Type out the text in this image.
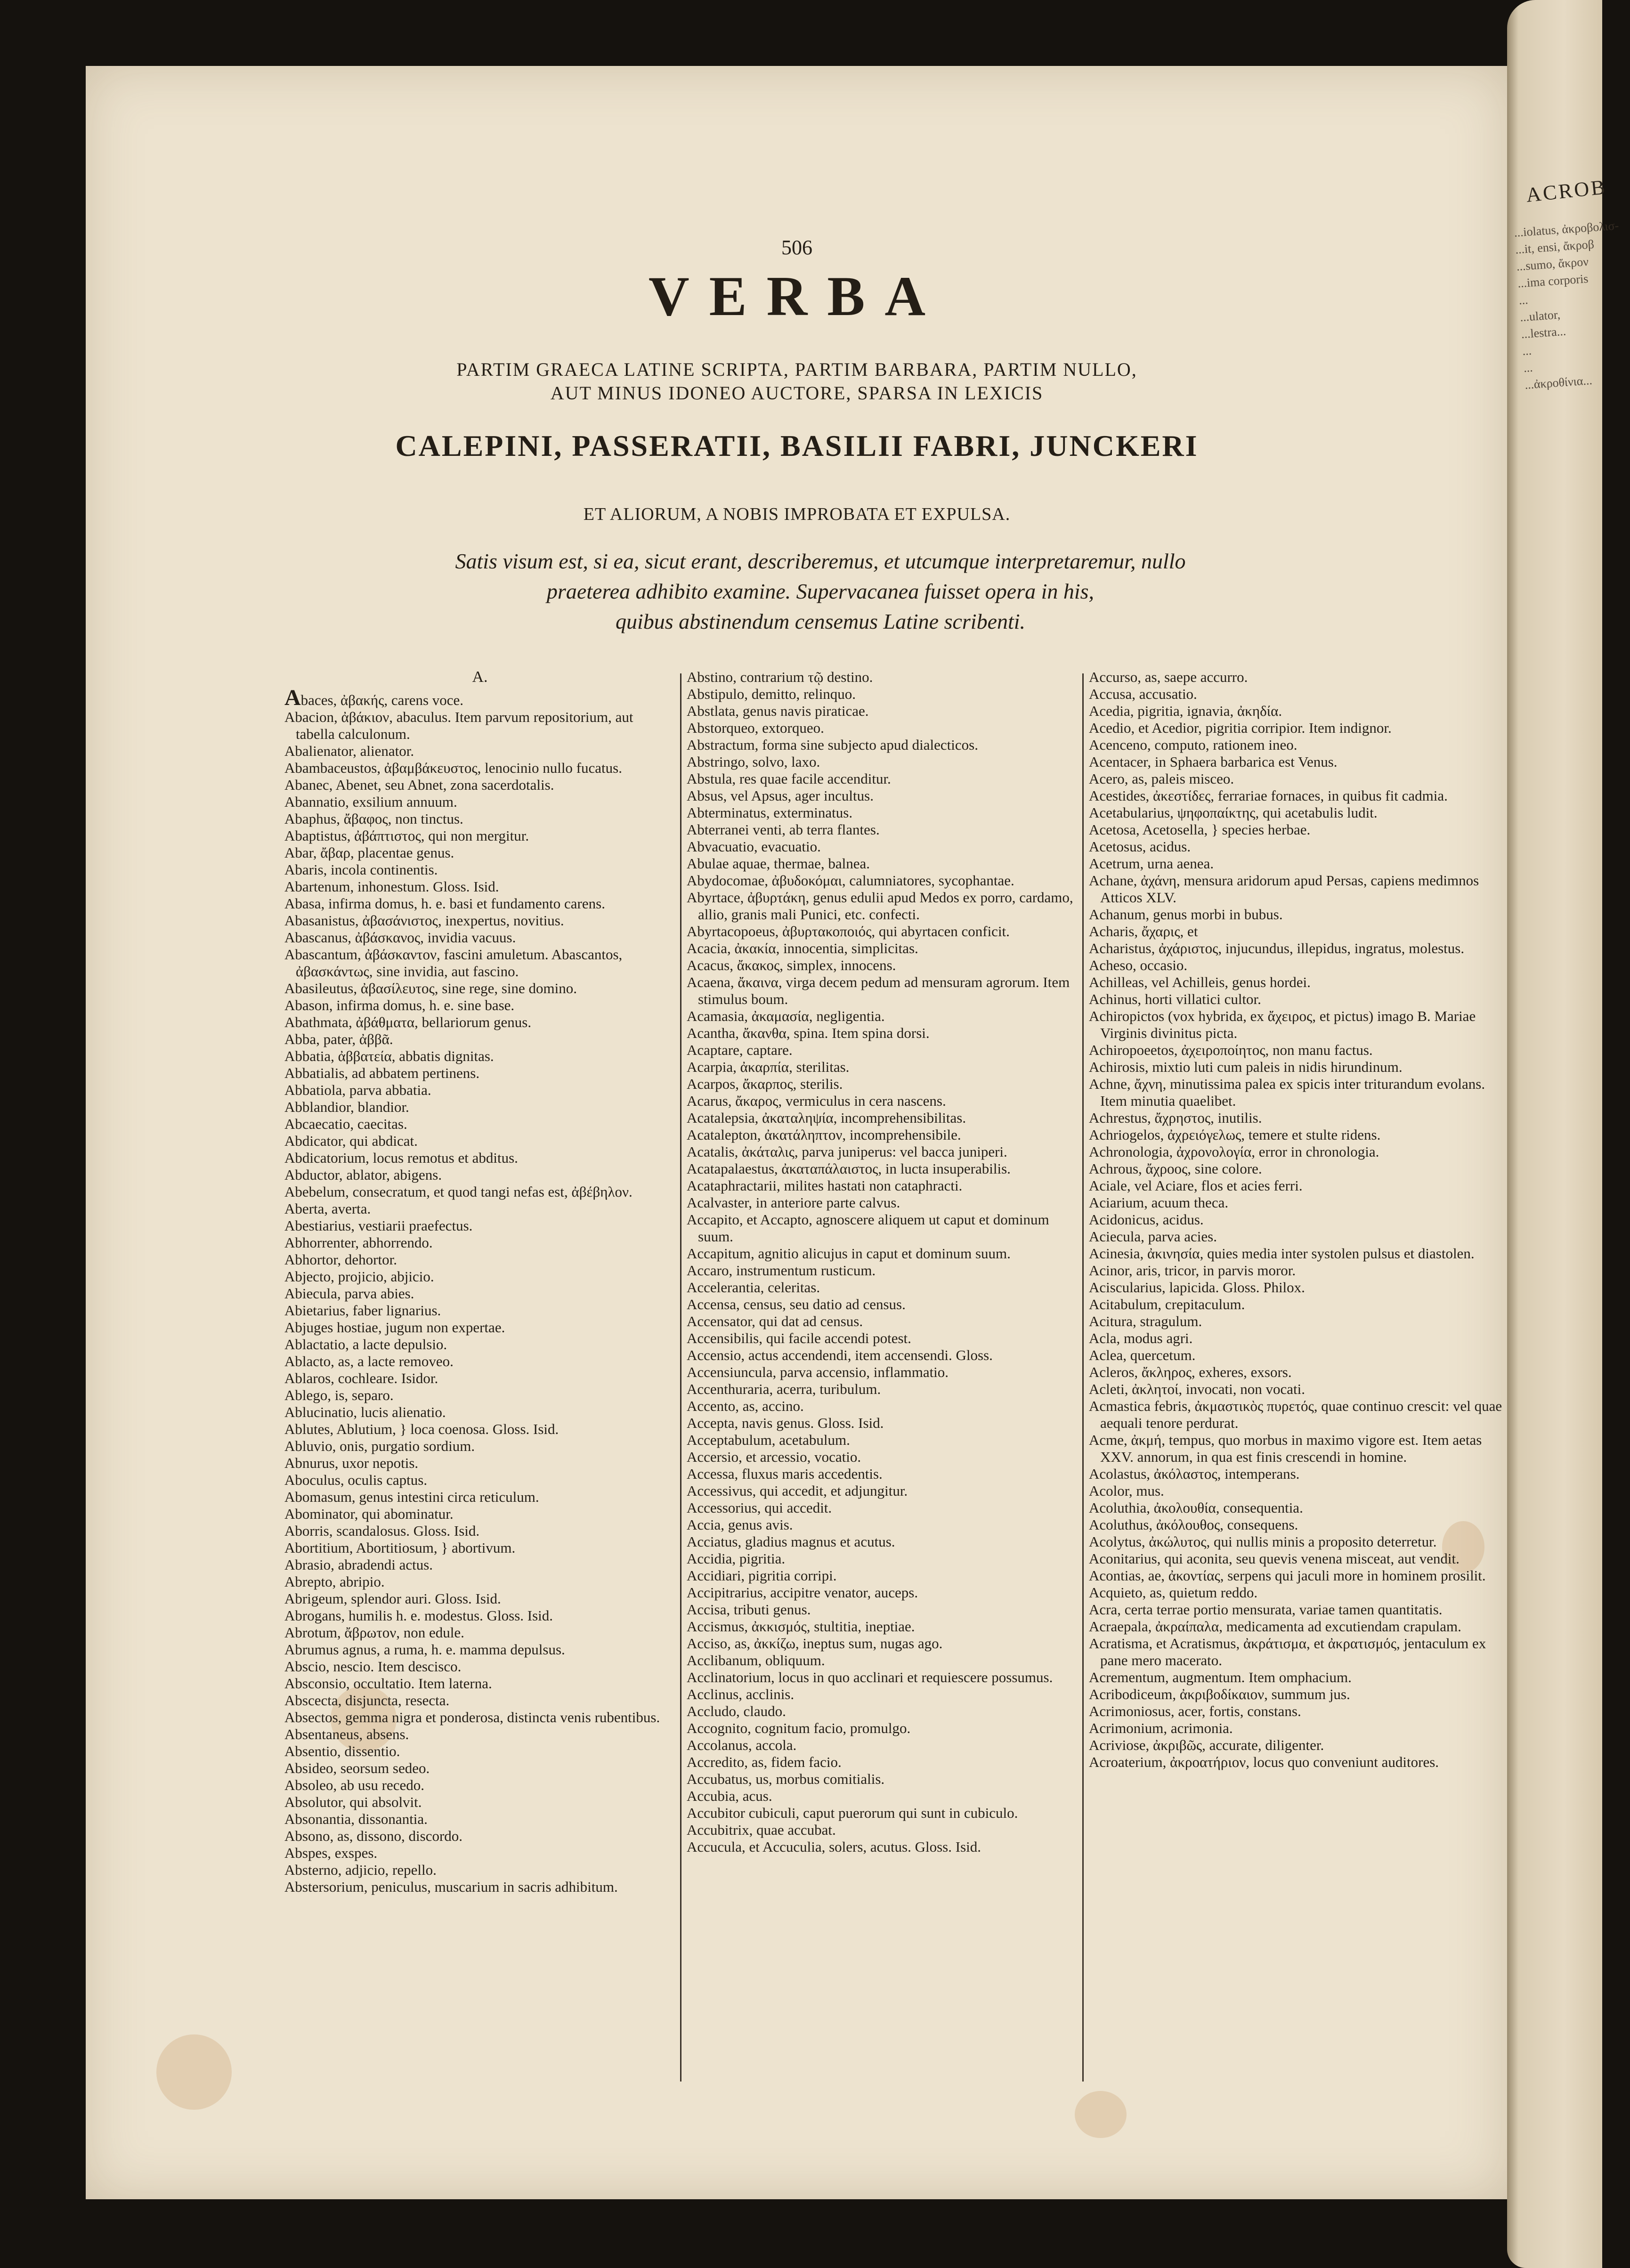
506
VERBA
PARTIM GRAECA LATINE SCRIPTA, PARTIM BARBARA, PARTIM NULLO,
AUT MINUS IDONEO AUCTORE, SPARSA IN LEXICIS
CALEPINI, PASSERATII, BASILII FABRI, JUNCKERI
ET ALIORUM, A NOBIS IMPROBATA ET EXPULSA.
Satis visum est, si ea, sicut erant, describeremus, et utcumque interpretaremur, nullo
praeterea adhibito examine. Supervacanea fuisset opera in his,
quibus abstinendum censemus Latine scribenti.
A.

Abaces, ἀβακής, carens voce.

Abacion, ἀβάκιον, abaculus. Item parvum repositorium, aut tabella calculonum.

Abalienator, alienator.

Abambaceustos, ἀβαμβάκευστος, lenocinio nullo fucatus.

Abanec, Abenet, seu Abnet, zona sacerdotalis.

Abannatio, exsilium annuum.

Abaphus, ἄβαφος, non tinctus.

Abaptistus, ἀβάπτιστος, qui non mergitur.

Abar, ἄβαρ, placentae genus.

Abaris, incola continentis.

Abartenum, inhonestum. Gloss. Isid.

Abasa, infirma domus, h. e. basi et fundamento carens.

Abasanistus, ἀβασάνιστος, inexpertus, novitius.

Abascanus, ἀβάσκανος, invidia vacuus.

Abascantum, ἀβάσκαντον, fascini amuletum. Abascantos, ἀβασκάντως, sine invidia, aut fascino.

Abasileutus, ἀβασίλευτος, sine rege, sine domino.

Abason, infirma domus, h. e. sine base.

Abathmata, ἀβάθματα, bellariorum genus.

Abba, pater, ἀββᾶ.

Abbatia, ἀββατεία, abbatis dignitas.

Abbatialis, ad abbatem pertinens.

Abbatiola, parva abbatia.

Abblandior, blandior.

Abcaecatio, caecitas.

Abdicator, qui abdicat.

Abdicatorium, locus remotus et abditus.

Abductor, ablator, abigens.

Abebelum, consecratum, et quod tangi nefas est, ἀβέβηλον.

Aberta, averta.

Abestiarius, vestiarii praefectus.

Abhorrenter, abhorrendo.

Abhortor, dehortor.

Abjecto, projicio, abjicio.

Abiecula, parva abies.

Abietarius, faber lignarius.

Abjuges hostiae, jugum non expertae.

Ablactatio, a lacte depulsio.

Ablacto, as, a lacte removeo.

Ablaros, cochleare. Isidor.

Ablego, is, separo.

Ablucinatio, lucis alienatio.

Ablutes, Ablutium, } loca coenosa. Gloss. Isid.

Abluvio, onis, purgatio sordium.

Abnurus, uxor nepotis.

Aboculus, oculis captus.

Abomasum, genus intestini circa reticulum.

Abominator, qui abominatur.

Aborris, scandalosus. Gloss. Isid.

Abortitium, Abortitiosum, } abortivum.

Abrasio, abradendi actus.

Abrepto, abripio.

Abrigeum, splendor auri. Gloss. Isid.

Abrogans, humilis h. e. modestus. Gloss. Isid.

Abrotum, ἄβρωτον, non edule.

Abrumus agnus, a ruma, h. e. mamma depulsus.

Abscio, nescio. Item descisco.

Absconsio, occultatio. Item laterna.

Abscecta, disjuncta, resecta.

Absectos, gemma nigra et ponderosa, distincta venis rubentibus.

Absentaneus, absens.

Absentio, dissentio.

Absideo, seorsum sedeo.

Absoleo, ab usu recedo.

Absolutor, qui absolvit.

Absonantia, dissonantia.

Absono, as, dissono, discordo.

Abspes, exspes.

Absterno, adjicio, repello.

Abstersorium, peniculus, muscarium in sacris adhibitum.

Abstino, contrarium τῷ destino.

Abstipulo, demitto, relinquo.

Abstlata, genus navis piraticae.

Abstorqueo, extorqueo.

Abstractum, forma sine subjecto apud dialecticos.

Abstringo, solvo, laxo.

Abstula, res quae facile accenditur.

Absus, vel Apsus, ager incultus.

Abterminatus, exterminatus.

Abterranei venti, ab terra flantes.

Abvacuatio, evacuatio.

Abulae aquae, thermae, balnea.

Abydocomae, ἀβυδοκόμαι, calumniatores, sycophantae.

Abyrtace, ἀβυρτάκη, genus edulii apud Medos ex porro, cardamo, allio, granis mali Punici, etc. confecti.

Abyrtacopoeus, ἀβυρτακοποιός, qui abyrtacen conficit.

Acacia, ἀκακία, innocentia, simplicitas.

Acacus, ἄκακος, simplex, innocens.

Acaena, ἄκαινα, virga decem pedum ad mensuram agrorum. Item stimulus boum.

Acamasia, ἀκαμασία, negligentia.

Acantha, ἄκανθα, spina. Item spina dorsi.

Acaptare, captare.

Acarpia, ἀκαρπία, sterilitas.

Acarpos, ἄκαρπος, sterilis.

Acarus, ἄκαρος, vermiculus in cera nascens.

Acatalepsia, ἀκαταληψία, incomprehensibilitas.

Acatalepton, ἀκατάληπτον, incomprehensibile.

Acatalis, ἀκάταλις, parva juniperus: vel bacca juniperi.

Acatapalaestus, ἀκαταπάλαιστος, in lucta insuperabilis.

Acataphractarii, milites hastati non cataphracti.

Acalvaster, in anteriore parte calvus.

Accapito, et Accapto, agnoscere aliquem ut caput et dominum suum.

Accapitum, agnitio alicujus in caput et dominum suum.

Accaro, instrumentum rusticum.

Accelerantia, celeritas.

Accensa, census, seu datio ad census.

Accensator, qui dat ad census.

Accensibilis, qui facile accendi potest.

Accensio, actus accendendi, item accensendi. Gloss.

Accensiuncula, parva accensio, inflammatio.

Accenthuraria, acerra, turibulum.

Accento, as, accino.

Accepta, navis genus. Gloss. Isid.

Acceptabulum, acetabulum.

Accersio, et arcessio, vocatio.

Accessa, fluxus maris accedentis.

Accessivus, qui accedit, et adjungitur.

Accessorius, qui accedit.

Accia, genus avis.

Acciatus, gladius magnus et acutus.

Accidia, pigritia.

Accidiari, pigritia corripi.

Accipitrarius, accipitre venator, auceps.

Accisa, tributi genus.

Accismus, ἀκκισμός, stultitia, ineptiae.

Acciso, as, ἀκκίζω, ineptus sum, nugas ago.

Acclibanum, obliquum.

Acclinatorium, locus in quo acclinari et requiescere possumus.

Acclinus, acclinis.

Accludo, claudo.

Accognito, cognitum facio, promulgo.

Accolanus, accola.

Accredito, as, fidem facio.

Accubatus, us, morbus comitialis.

Accubia, acus.

Accubitor cubiculi, caput puerorum qui sunt in cubiculo.

Accubitrix, quae accubat.

Accucula, et Accuculia, solers, acutus. Gloss. Isid.

Accurso, as, saepe accurro.

Accusa, accusatio.

Acedia, pigritia, ignavia, ἀκηδία.

Acedio, et Acedior, pigritia corripior. Item indignor.

Acenceno, computo, rationem ineo.

Acentacer, in Sphaera barbarica est Venus.

Acero, as, paleis misceo.

Acestides, ἀκεστίδες, ferrariae fornaces, in quibus fit cadmia.

Acetabularius, ψηφοπαίκτης, qui acetabulis ludit.

Acetosa, Acetosella, } species herbae.

Acetosus, acidus.

Acetrum, urna aenea.

Achane, ἀχάνη, mensura aridorum apud Persas, capiens medimnos Atticos XLV.

Achanum, genus morbi in bubus.

Acharis, ἄχαρις, et

Acharistus, ἀχάριστος, injucundus, illepidus, ingratus, molestus.

Acheso, occasio.

Achilleas, vel Achilleis, genus hordei.

Achinus, horti villatici cultor.

Achiropictos (vox hybrida, ex ἄχειρος, et pictus) imago B. Mariae Virginis divinitus picta.

Achiropoeetos, ἀχειροποίητος, non manu factus.

Achirosis, mixtio luti cum paleis in nidis hirundinum.

Achne, ἄχνη, minutissima palea ex spicis inter triturandum evolans. Item minutia quaelibet.

Achrestus, ἄχρηστος, inutilis.

Achriogelos, ἀχρειόγελως, temere et stulte ridens.

Achronologia, ἀχρονολογία, error in chronologia.

Achrous, ἄχροος, sine colore.

Aciale, vel Aciare, flos et acies ferri.

Aciarium, acuum theca.

Acidonicus, acidus.

Aciecula, parva acies.

Acinesia, ἀκινησία, quies media inter systolen pulsus et diastolen.

Acinor, aris, tricor, in parvis moror.

Aciscularius, lapicida. Gloss. Philox.

Acitabulum, crepitaculum.

Acitura, stragulum.

Acla, modus agri.

Aclea, quercetum.

Acleros, ἄκληρος, exheres, exsors.

Acleti, ἀκλητοί, invocati, non vocati.

Acmastica febris, ἀκμαστικὸς πυρετός, quae continuo crescit: vel quae aequali tenore perdurat.

Acme, ἀκμή, tempus, quo morbus in maximo vigore est. Item aetas XXV. annorum, in qua est finis crescendi in homine.

Acolastus, ἀκόλαστος, intemperans.

Acolor, mus.

Acoluthia, ἀκολουθία, consequentia.

Acoluthus, ἀκόλουθος, consequens.

Acolytus, ἀκώλυτος, qui nullis minis a proposito deterretur.

Aconitarius, qui aconita, seu quevis venena misceat, aut vendit.

Acontias, ae, ἀκοντίας, serpens qui jaculi more in hominem prosilit.

Acquieto, as, quietum reddo.

Acra, certa terrae portio mensurata, variae tamen quantitatis.

Acraepala, ἀκραίπαλα, medicamenta ad excutiendam crapulam.

Acratisma, et Acratismus, ἀκράτισμα, et ἀκρατισμός, jentaculum ex pane mero macerato.

Acrementum, augmentum. Item omphacium.

Acribodiceum, ἀκριβοδίκαιον, summum jus.

Acrimoniosus, acer, fortis, constans.

Acrimonium, acrimonia.

Acriviose, ἀκριβῶς, accurate, diligenter.

Acroaterium, ἀκροατήριον, locus quo conveniunt auditores.

ACROB
...iolatus, ἀκροβολισ-
...it, ensi, ἄκροβ
...sumo, ἄκρον
...ima corporis
...
...ulator,
...lestra...
...
...
...ἀκροθίνια...
